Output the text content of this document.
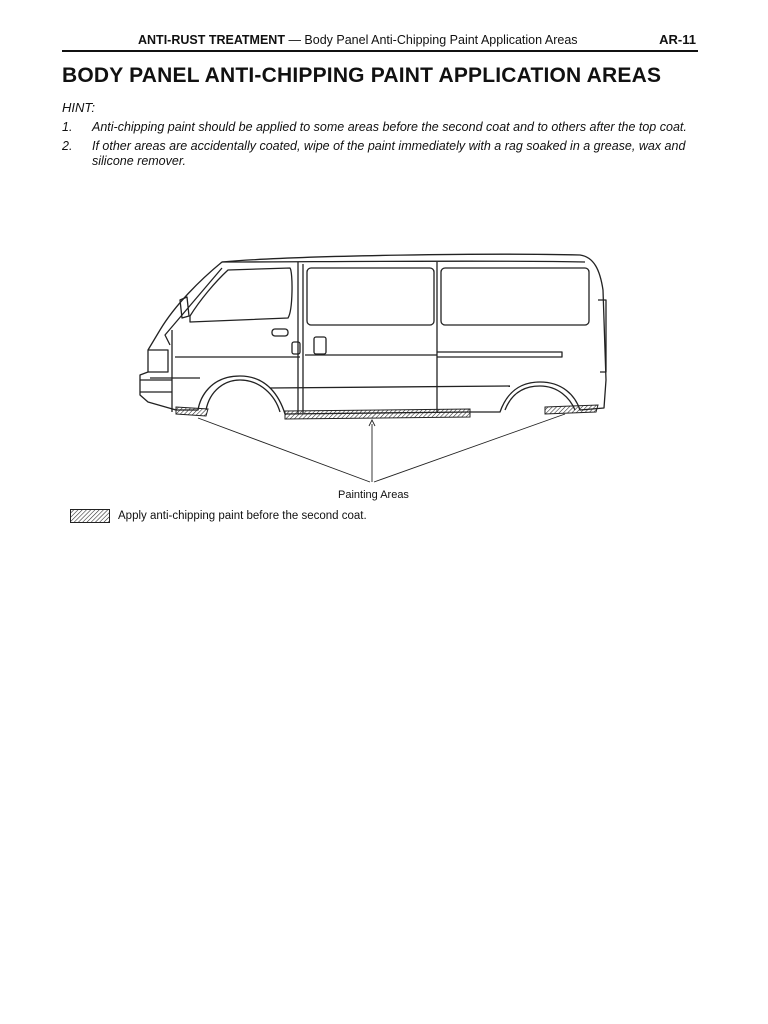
ANTI-RUST TREATMENT — Body Panel Anti-Chipping Paint Application Areas	AR-11
BODY PANEL ANTI-CHIPPING PAINT APPLICATION AREAS
HINT:
1.	Anti-chipping paint should be applied to some areas before the second coat and to others after the top coat.
2.	If other areas are accidentally coated, wipe of the paint immediately with a rag soaked in a grease, wax and silicone remover.
Painting Areas
Apply anti-chipping paint before the second coat.
